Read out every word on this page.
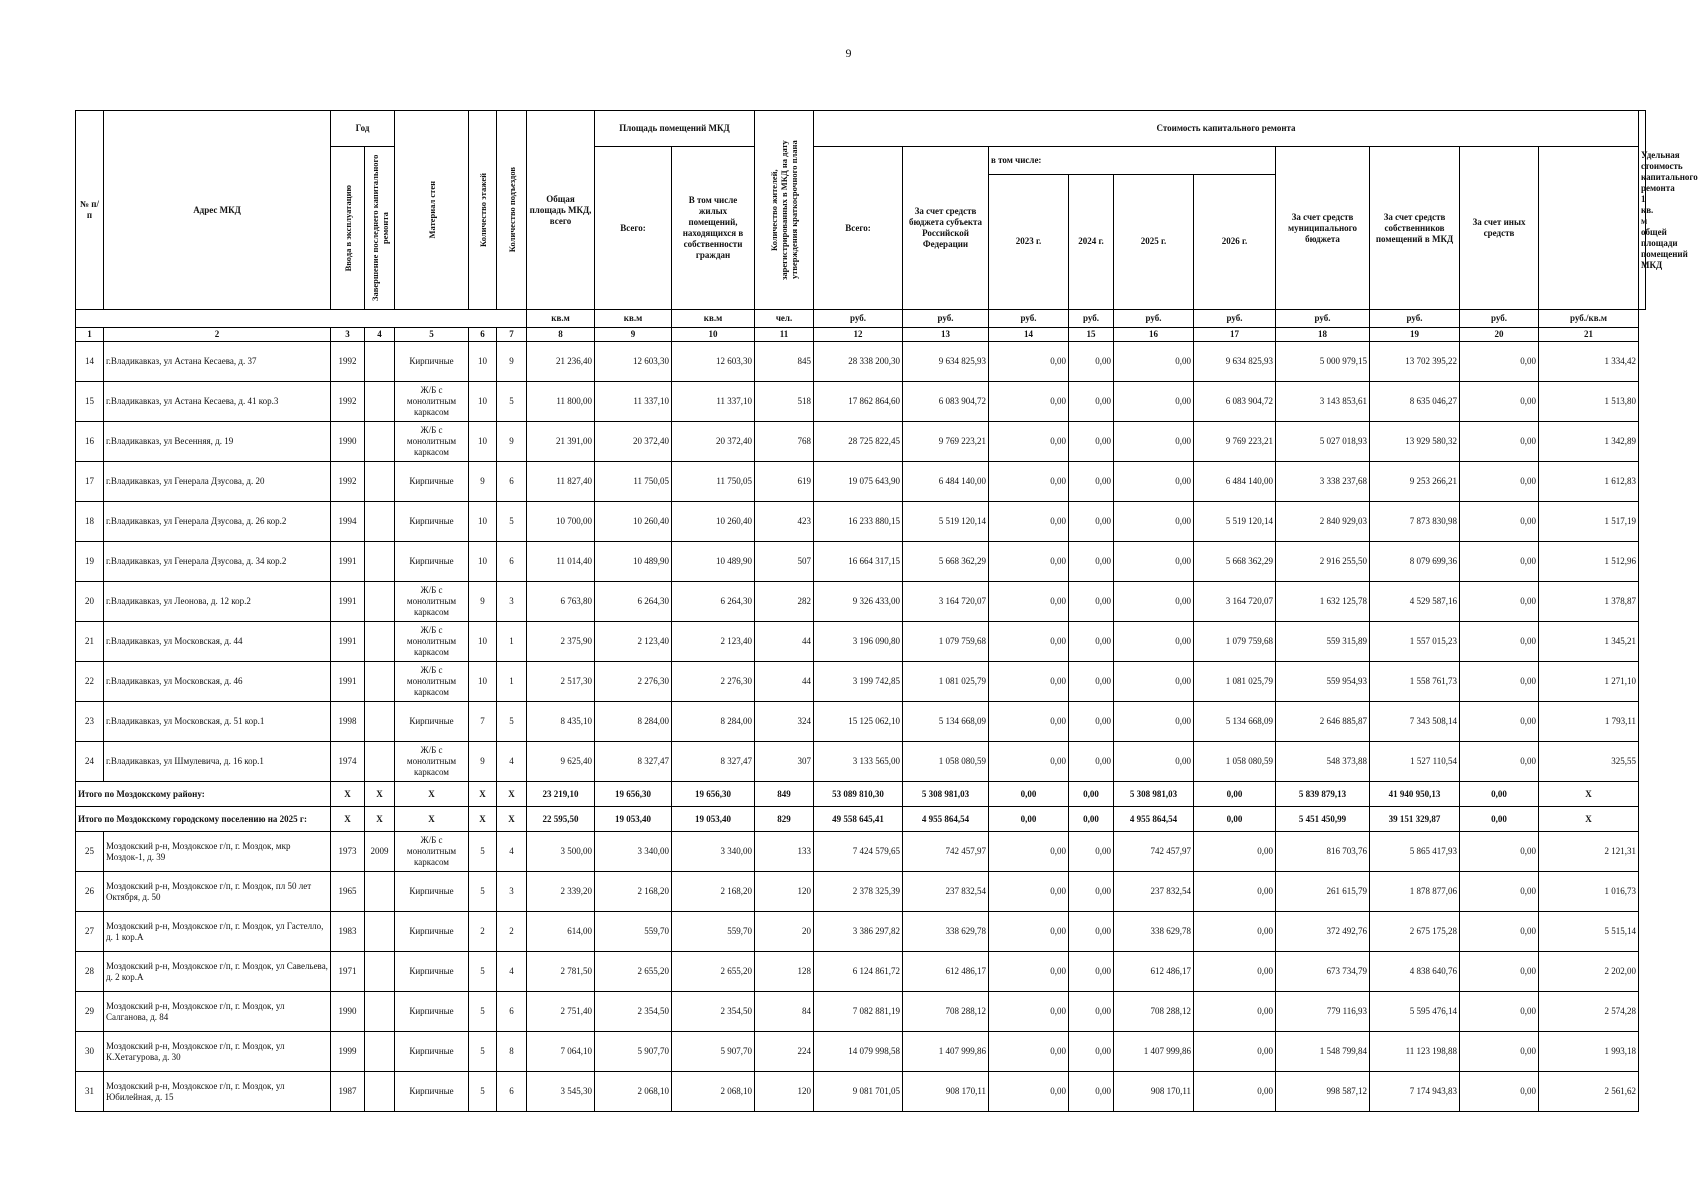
9
№ п/п	Адрес МКД	Год		Материал стен	Количество этажей	Количество подъездов	Общая площадь МКД, всего	Площадь помещений МКД		Количество жителей, зарегистрированных в МКД на дату утверждения краткосрочного плана	Стоимость капитального ремонта										Удельная стоимость капитального ремонта 1 кв. м общей площади помещений МКД

		Ввода в эксплуатацию	Завершение последнего капитального ремонта					Всего:	В том числе жилых помещений, находящихся в собственности граждан		Всего:	За счет средств бюджета субъекта Российской Федерации	в том числе:				За счет средств муниципального бюджета	За счет средств собственников помещений в МКД	За счет иных средств		
													2023 г.	2024 г.	2025 г.	2026 г.					
							кв.м	кв.м	кв.м	чел.	руб.	руб.	руб.	руб.	руб.	руб.	руб.	руб.	руб.	руб./кв.м	
1	2	3	4	5	6	7	8	9	10	11	12	13	14	15	16	17	18	19	20	21	
14	г.Владикавказ, ул Астана Кесаева, д. 37	1992		Кирпичные	10	9	21 236,40	12 603,30	12 603,30	845	28 338 200,30	9 634 825,93	0,00	0,00	0,00	9 634 825,93	5 000 979,15	13 702 395,22	0,00	1 334,42	
15	г.Владикавказ, ул Астана Кесаева, д. 41 кор.3	1992		Ж/Б с монолитным каркасом	10	5	11 800,00	11 337,10	11 337,10	518	17 862 864,60	6 083 904,72	0,00	0,00	0,00	6 083 904,72	3 143 853,61	8 635 046,27	0,00	1 513,80	
16	г.Владикавказ, ул Весенняя, д. 19	1990		Ж/Б с монолитным каркасом	10	9	21 391,00	20 372,40	20 372,40	768	28 725 822,45	9 769 223,21	0,00	0,00	0,00	9 769 223,21	5 027 018,93	13 929 580,32	0,00	1 342,89	
17	г.Владикавказ, ул Генерала Дзусова, д. 20	1992		Кирпичные	9	6	11 827,40	11 750,05	11 750,05	619	19 075 643,90	6 484 140,00	0,00	0,00	0,00	6 484 140,00	3 338 237,68	9 253 266,21	0,00	1 612,83	
18	г.Владикавказ, ул Генерала Дзусова, д. 26 кор.2	1994		Кирпичные	10	5	10 700,00	10 260,40	10 260,40	423	16 233 880,15	5 519 120,14	0,00	0,00	0,00	5 519 120,14	2 840 929,03	7 873 830,98	0,00	1 517,19	
19	г.Владикавказ, ул Генерала Дзусова, д. 34 кор.2	1991		Кирпичные	10	6	11 014,40	10 489,90	10 489,90	507	16 664 317,15	5 668 362,29	0,00	0,00	0,00	5 668 362,29	2 916 255,50	8 079 699,36	0,00	1 512,96	
20	г.Владикавказ, ул Леонова, д. 12 кор.2	1991		Ж/Б с монолитным каркасом	9	3	6 763,80	6 264,30	6 264,30	282	9 326 433,00	3 164 720,07	0,00	0,00	0,00	3 164 720,07	1 632 125,78	4 529 587,16	0,00	1 378,87	
21	г.Владикавказ, ул Московская, д. 44	1991		Ж/Б с монолитным каркасом	10	1	2 375,90	2 123,40	2 123,40	44	3 196 090,80	1 079 759,68	0,00	0,00	0,00	1 079 759,68	559 315,89	1 557 015,23	0,00	1 345,21	
22	г.Владикавказ, ул Московская, д. 46	1991		Ж/Б с монолитным каркасом	10	1	2 517,30	2 276,30	2 276,30	44	3 199 742,85	1 081 025,79	0,00	0,00	0,00	1 081 025,79	559 954,93	1 558 761,73	0,00	1 271,10	
23	г.Владикавказ, ул Московская, д. 51 кор.1	1998		Кирпичные	7	5	8 435,10	8 284,00	8 284,00	324	15 125 062,10	5 134 668,09	0,00	0,00	0,00	5 134 668,09	2 646 885,87	7 343 508,14	0,00	1 793,11	
24	г.Владикавказ, ул Шмулевича, д. 16 кор.1	1974		Ж/Б с монолитным каркасом	9	4	9 625,40	8 327,47	8 327,47	307	3 133 565,00	1 058 080,59	0,00	0,00	0,00	1 058 080,59	548 373,88	1 527 110,54	0,00	325,55	
Итого по Моздокскому району:		X	X	X	X	X	23 219,10	19 656,30	19 656,30	849	53 089 810,30	5 308 981,03	0,00	0,00	5 308 981,03	0,00	5 839 879,13	41 940 950,13	0,00	X	
Итого по Моздокскому городскому поселению на 2025 г:		X	X	X	X	X	22 595,50	19 053,40	19 053,40	829	49 558 645,41	4 955 864,54	0,00	0,00	4 955 864,54	0,00	5 451 450,99	39 151 329,87	0,00	X	
25	Моздокский р-н, Моздокское г/п, г. Моздок, мкр Моздок-1, д. 39	1973	2009	Ж/Б с монолитным каркасом	5	4	3 500,00	3 340,00	3 340,00	133	7 424 579,65	742 457,97	0,00	0,00	742 457,97	0,00	816 703,76	5 865 417,93	0,00	2 121,31	
26	Моздокский р-н, Моздокское г/п, г. Моздок, пл 50 лет Октября, д. 50	1965		Кирпичные	5	3	2 339,20	2 168,20	2 168,20	120	2 378 325,39	237 832,54	0,00	0,00	237 832,54	0,00	261 615,79	1 878 877,06	0,00	1 016,73	
27	Моздокский р-н, Моздокское г/п, г. Моздок, ул Гастелло, д. 1 кор.А	1983		Кирпичные	2	2	614,00	559,70	559,70	20	3 386 297,82	338 629,78	0,00	0,00	338 629,78	0,00	372 492,76	2 675 175,28	0,00	5 515,14	
28	Моздокский р-н, Моздокское г/п, г. Моздок, ул Савельева, д. 2 кор.А	1971		Кирпичные	5	4	2 781,50	2 655,20	2 655,20	128	6 124 861,72	612 486,17	0,00	0,00	612 486,17	0,00	673 734,79	4 838 640,76	0,00	2 202,00	
29	Моздокский р-н, Моздокское г/п, г. Моздок, ул Салганова, д. 84	1990		Кирпичные	5	6	2 751,40	2 354,50	2 354,50	84	7 082 881,19	708 288,12	0,00	0,00	708 288,12	0,00	779 116,93	5 595 476,14	0,00	2 574,28	
30	Моздокский р-н, Моздокское г/п, г. Моздок, ул К.Хетагурова, д. 30	1999		Кирпичные	5	8	7 064,10	5 907,70	5 907,70	224	14 079 998,58	1 407 999,86	0,00	0,00	1 407 999,86	0,00	1 548 799,84	11 123 198,88	0,00	1 993,18	
31	Моздокский р-н, Моздокское г/п, г. Моздок, ул Юбилейная, д. 15	1987		Кирпичные	5	6	3 545,30	2 068,10	2 068,10	120	9 081 701,05	908 170,11	0,00	0,00	908 170,11	0,00	998 587,12	7 174 943,83	0,00	2 561,62	
